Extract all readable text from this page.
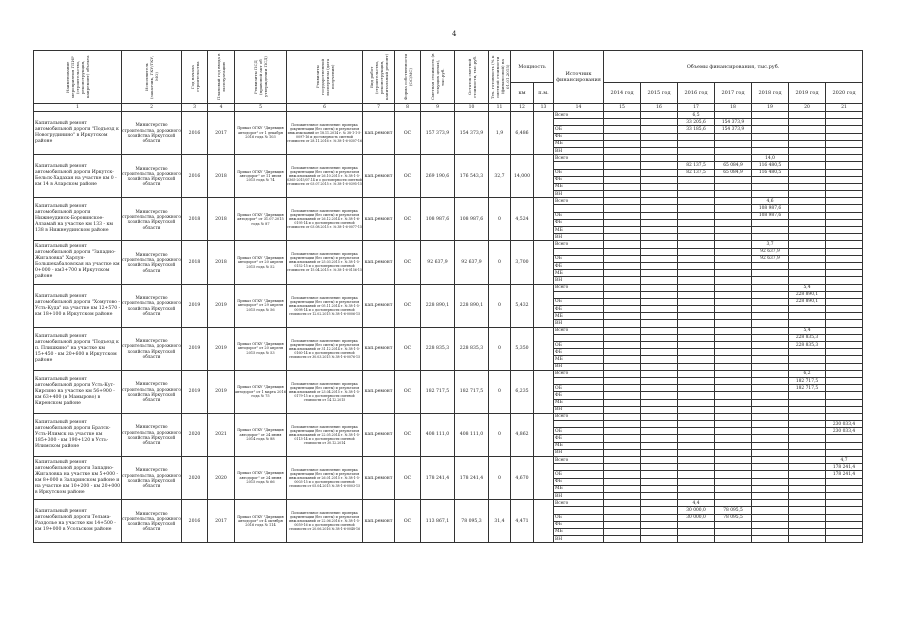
4
Наименование мероприятия ГПИР (строительство, реконструкция, капремонт) объекта	Исполнитель (заказчик, ГКУ/ГКУ, МО)	Год начала строительства	Плановый год ввода в эксплуатацию	Реквизиты ПСД (правовой акт об утверждении ПСД)	Реквизиты государственной экспертизы (дата получения)	Вид работ (строительство, реконструкция, капитальный ремонт)	Форма собственности (ОС/МС)	Сметная стоимость (в текущих ценах), тыс.руб.	Остаток сметной стоимости, тыс.руб.	Тех. готовность (% к сметной стоимости (финансовой) на 01.01.2015)	Мощность		Источник финансирования	Объемы финансирования, тыс.руб.						
											км	п.м.		2014 год	2015 год	2016 год	2017 год	2018 год	2019 год	2020 год
1	2	3	4	5	6	7	8	9	10	11	12	13	14	15	16	17	18	19	20	21
Капитальный ремонт автомобильной дороги "Подъезд к Новогрудинино" в Иркутском районе	Министерство строительства, дорожного хозяйства Иркутской области	2016	2017	Приказ ОГКУ "Дирекция автодорог" от 1 декабря 2016 года № 103	Положительное заключение: проверка документации (без сметы) и результатов инж.изысканий от 18.11.2014 г. № 38-1-1-5-0097-16 и достоверность сметной стоимости от 28.11.2016 г. № 38-1-6-0307-16	кап.ремонт	ОС	157 373,9	154 373,9	1,9	6,486		Всего			6,5				
																33 205,6	154 373,9			
													ОБ			33 185,6	154 373,9			
													ФБ							
													МБ							
													ВН							
Капитальный ремонт автомобильной дороги Иркутск-Бельск-Хадахан на участке км 0 - км 14 в Аларском районе	Министерство строительства, дорожного хозяйства Иркутской области	2016	2018	Приказ ОГКУ "Дирекция автодорог" от 11 июля 2015 года № 74	Положительное заключение: проверка документации (без сметы) и результатов инж.изысканий от 26.10.2015 г. № 38-1-5-0365-2015/07.14 и о достоверности сметной стоимости от 03.07.2015 г. № 38-1-6-0395-15	кап.ремонт	ОС	269 190,6	176 543,3	32,7	14,000		Всего					14,0		
																82 137,5	65 084,9	116 480,5		
													ОБ			82 137,5	65 084,9	116 480,5		
													ФБ							
													МБ							
													ВН							
Капитальный ремонт автомобильной дороги Нижнеудинск-Боровинское-Алзамай на участке км 133 - км 138 в Нижнеудинском районе	Министерство строительства, дорожного хозяйства Иркутской области	2018	2018	Приказ ОГКУ "Дирекция автодорог" от 31.07.2015 года № 87	Положительное заключение: проверка документации (без сметы) и результатов инж.изысканий от 26.12.2014 г. № 38-1-6-0195-14 и о достоверности сметной стоимости от 03.08.2015 г. № 38-1-6-0077-15	кап.ремонт	ОС	108 987,6	108 987,6	0	4,524		Всего					4,6		
																		108 987,6		
													ОБ					108 987,6		
													ФБ							
													МБ							
													ВН							
Капитальный ремонт автомобильной дороги "Западно-Жигаловка" Харлун-Большехабаловская на участке км 0+000 - км3+700 в Иркутском районе	Министерство строительства, дорожного хозяйства Иркутской области	2018	2018	Приказ ОГКУ "Дирекция автодорог" от 20 апреля 2015 года № 52	Положительное заключение: проверка документации (без сметы) и результатов инж.изысканий от 25.03.2015 г. № 38-1-5-0152-15 и о достоверности сметной стоимости от 15.04.2015 г. № 38-1-6-0156-15	кап.ремонт	ОС	92 637,9	92 637,9	0	3,700		Всего					3,7		
																		92 637,9		
													ОБ					92 637,9		
													ФБ							
													МБ							
													ВН							
Капитальный ремонт автомобильной дороги "Хомутово - Усть-Куда" на участке км 12+570 - км 18+100 в Иркутском районе	Министерство строительства, дорожного хозяйства Иркутской области	2019	2019	Приказ ОГКУ "Дирекция автодорог" от 29 апреля 2015 года № 56	Положительное заключение: проверка документации (без сметы) и результатов инж.изысканий от 05.11.2014 г. № 38-1-5-0098-14 и о достоверности сметной стоимости от 12.02.2015 № 38-1-6-0006-15	кап.ремонт	ОС	228 890,1	228 890,1	0	5,432		Всего						5,4	
																			228 890,1	
													ОБ						228 890,1	
													ФБ							
													МБ							
													ВН							
Капитальный ремонт автомобильной дороги "Подъезд к п. Плишкино" на участке км 15+450 - км 20+600 в Иркутском районе	Министерство строительства, дорожного хозяйства Иркутской области	2019	2019	Приказ ОГКУ "Дирекция автодорог" от 20 апреля 2015 года № 53	Положительное заключение: проверка документации (без сметы) и результатов инж.изысканий от 31.12.2014 г. № 38-1-5-0160-14 и о достоверности сметной стоимости от 30.03.2015 № 38-1-6-0076-15	кап.ремонт	ОС	228 835,3	228 835,3	0	5,350		Всего						5,4	
																			228 835,3	
													ОБ						228 835,3	
													ФБ							
													МБ							
													ВН							
Капитальный ремонт автомобильной дороги Усть-Кут-Кирсино на участке км 56+900 - км 63+400 (в Мамырово) в Киренском районе	Министерство строительства, дорожного хозяйства Иркутской области	2019	2019	Приказ ОГКУ "Дирекция автодорог" от 1 марта 2016 года № 75	Положительное заключение: проверка документации (без сметы) и результатов инж.изысканий от 23.04.2015 г. № 38-1-5-0179-15 и о достоверности сметной стоимости от 14.12.2015	кап.ремонт	ОС	182 717,5	182 717,5	0	6,235		Всего						6,2	
																			182 717,5	
													ОБ						182 717,5	
													ФБ							
													МБ							
													ВН							
Капитальный ремонт автомобильной дороги Братск-Усть-Илимск на участке км 185+300 - км 190+120 в Усть-Илимском районе	Министерство строительства, дорожного хозяйства Иркутской области	2020	2021	Приказ ОГКУ "Дирекция автодорог" от 24 июня 2014 года № 88	Положительное заключение: проверка документации (без сметы) и результатов инж.изысканий от 22.05.2014 г. № 38-1-5-0113-14 и о достоверности сметной стоимости от 30.12.2014	кап.ремонт	ОС	408 111,0	408 111,0	0	4,862		Всего							
																				230 033,4
													ОБ							230 033,4
													ФБ							
													МБ							
													ВН							
Капитальный ремонт автомобильной дороги Западно-Жигаловка на участке км 5+000 - км 8+000 в Заларинском районе и на участке км 10+200 - км 20+000 в Иркутском районе	Министерство строительства, дорожного хозяйства Иркутской области	2020	2020	Приказ ОГКУ "Дирекция автодорог" от 24 июня 2015 года № 66	Положительное заключение: проверка документации (без сметы) и результатов инж.изысканий от 26.01.2015 г. № 38-1-5-0003-15 и о достоверности сметной стоимости от 05.04.2015 № 38-1-6-0003-15	кап.ремонт	ОС	178 241,4	178 241,4	0	4,670		Всего							4,7
																				178 241,4
													ОБ							178 241,4
													ФБ							
													МБ							
													ВН							
Капитальный ремонт автомобильной дороги Тельма-Раздолье на участке км 14+500 - км 19+000 в Усольском районе	Министерство строительства, дорожного хозяйства Иркутской области	2016	2017	Приказ ОГКУ "Дирекция автодорог" от 4 октября 2016 года № 114	Положительное заключение: проверка документации (без сметы) и результатов инж.изысканий от 22.06.2016 г. № 38-1-5-0059-16 и о достоверности сметной стоимости от 20.06.2016 № 38-1-6-0048-16	кап.ремонт	ОС	113 867,1	78 095,3	31,4	4,471		Всего			4,4				
																30 000,0	78 095,5			
													ОБ			30 000,0	78 095,5			
													ФБ							
													МБ							
													ВН							
